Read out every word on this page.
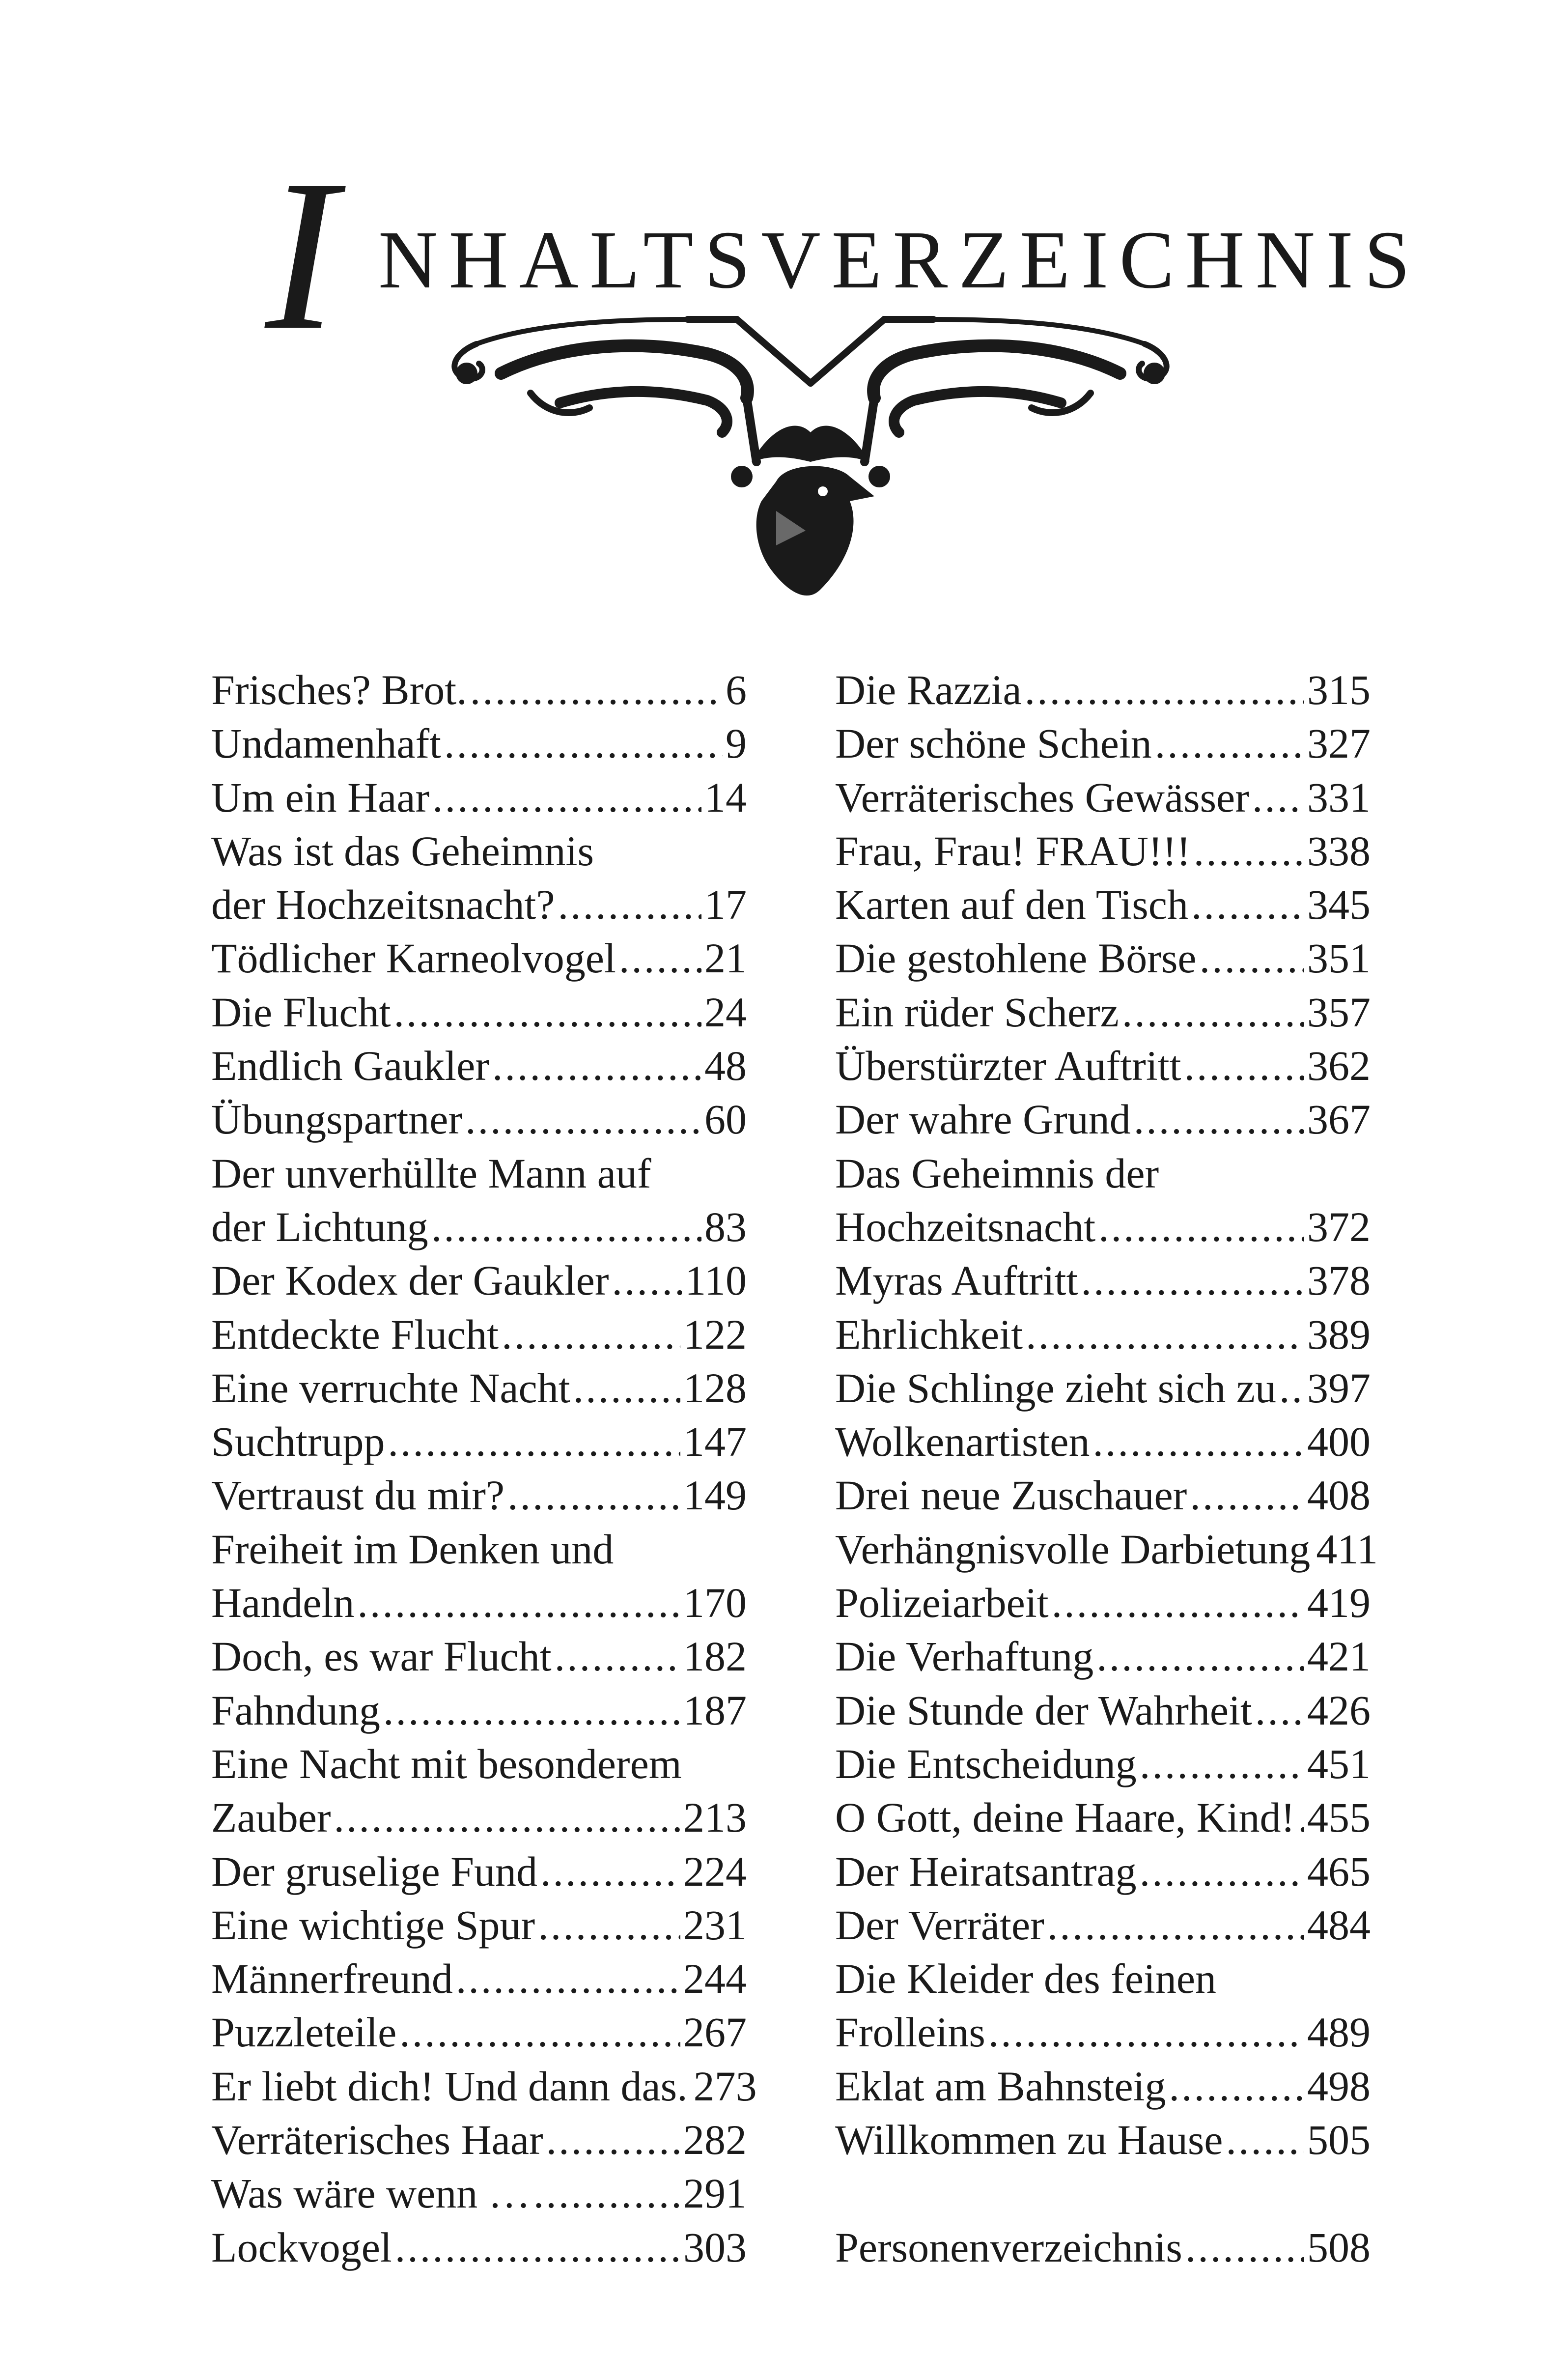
I NHALTSVERZEICHNIS
Frisches? Brot. .....	6
Undamenhaft .....	9
Um ein Haar .....	14
Was ist das Geheimnis
der Hochzeitsnacht? .....	17
Tödlicher Karneolvogel ..... 21
Die Flucht .....	24
Endlich Gaukler .....	48
Übungspartner .....	60
Der unverhüllte Mann auf
der Lichtung .....	83
Der Kodex der Gaukler ..... 110
Entdeckte Flucht .....	122
Eine verruchte Nacht .....	128
Suchtrupp .....	147
Vertraust du mir? .....	149
Freiheit im Denken und
Handeln .....	170
Doch, es war Flucht .....	182
Fahndung .....	187
Eine Nacht mit besonderem
Zauber .....	213
Der gruselige Fund .....	224
Eine wichtige Spur .....	231
Männerfreund .....	244
Puzzleteile .....	267
Er liebt dich! Und dann das. 273
Verräterisches Haar .....	282
Was wäre wenn … .....	291
Lockvogel .....	303
Die Razzia .....	315
Der schöne Schein .....	327
Verräterisches Gewässer ..... 331
Frau, Frau! FRAU!!! .....	338
Karten auf den Tisch .....	345
Die gestohlene Börse .....	351
Ein rüder Scherz .....	357
Überstürzter Auftritt .....	362
Der wahre Grund .....	367
Das Geheimnis der
Hochzeitsnacht .....	372
Myras Auftritt .....	378
Ehrlichkeit .....	389
Die Schlinge zieht sich zu ..... 397
Wolkenartisten .....	400
Drei neue Zuschauer .....	408
Verhängnisvolle Darbietung 411
Polizeiarbeit .....	419
Die Verhaftung .....	421
Die Stunde der Wahrheit ..... 426
Die Entscheidung .....	451
O Gott, deine Haare, Kind! ..... 455
Der Heiratsantrag .....	465
Der Verräter .....	484
Die Kleider des feinen
Frolleins .....	489
Eklat am Bahnsteig .....	498
Willkommen zu Hause ..... 505
Personenverzeichnis .....	508
